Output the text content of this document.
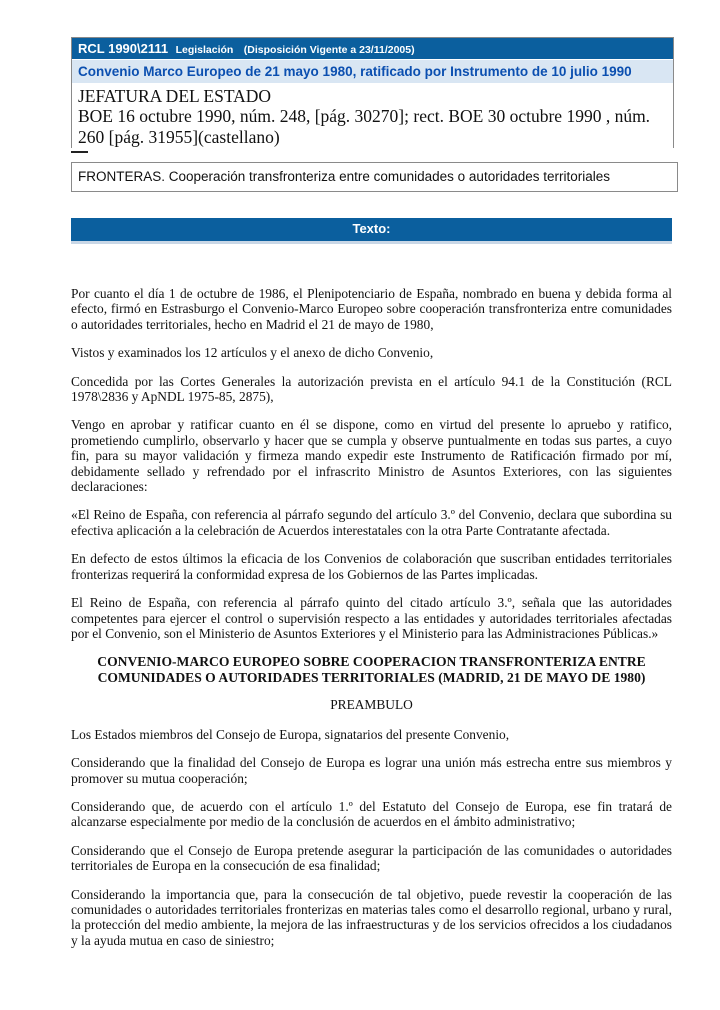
RCL 1990\2111 Legislación (Disposición Vigente a 23/11/2005)
Convenio Marco Europeo de 21 mayo 1980, ratificado por Instrumento de 10 julio 1990
JEFATURA DEL ESTADO
BOE 16 octubre 1990, núm. 248, [pág. 30270]; rect. BOE 30 octubre 1990 , núm.
260 [pág. 31955](castellano)
FRONTERAS. Cooperación transfronteriza entre comunidades o autoridades territoriales
Texto:

Por cuanto el día 1 de octubre de 1986, el Plenipotenciario de España, nombrado en buena y debida forma al efecto, firmó en Estrasburgo el Convenio-Marco Europeo sobre cooperación transfronteriza entre comunidades o autoridades territoriales, hecho en Madrid el 21 de mayo de 1980,

Vistos y examinados los 12 artículos y el anexo de dicho Convenio,

Concedida por las Cortes Generales la autorización prevista en el artículo 94.1 de la Constitución (RCL 1978\2836 y ApNDL 1975-85, 2875),

Vengo en aprobar y ratificar cuanto en él se dispone, como en virtud del presente lo apruebo y ratifico, prometiendo cumplirlo, observarlo y hacer que se cumpla y observe puntualmente en todas sus partes, a cuyo fin, para su mayor validación y firmeza mando expedir este Instrumento de Ratificación firmado por mí, debidamente sellado y refrendado por el infrascrito Ministro de Asuntos Exteriores, con las siguientes declaraciones:

«El Reino de España, con referencia al párrafo segundo del artículo 3.º del Convenio, declara que subordina su efectiva aplicación a la celebración de Acuerdos interestatales con la otra Parte Contratante afectada.

En defecto de estos últimos la eficacia de los Convenios de colaboración que suscriban entidades territoriales fronterizas requerirá la conformidad expresa de los Gobiernos de las Partes implicadas.

El Reino de España, con referencia al párrafo quinto del citado artículo 3.º, señala que las autoridades competentes para ejercer el control o supervisión respecto a las entidades y autoridades territoriales afectadas por el Convenio, son el Ministerio de Asuntos Exteriores y el Ministerio para las Administraciones Públicas.»

CONVENIO-MARCO EUROPEO SOBRE COOPERACION TRANSFRONTERIZA ENTRE COMUNIDADES O AUTORIDADES TERRITORIALES (MADRID, 21 DE MAYO DE 1980)
PREAMBULO

Los Estados miembros del Consejo de Europa, signatarios del presente Convenio,

Considerando que la finalidad del Consejo de Europa es lograr una unión más estrecha entre sus miembros y promover su mutua cooperación;

Considerando que, de acuerdo con el artículo 1.º del Estatuto del Consejo de Europa, ese fin tratará de alcanzarse especialmente por medio de la conclusión de acuerdos en el ámbito administrativo;

Considerando que el Consejo de Europa pretende asegurar la participación de las comunidades o autoridades territoriales de Europa en la consecución de esa finalidad;

Considerando la importancia que, para la consecución de tal objetivo, puede revestir la cooperación de las comunidades o autoridades territoriales fronterizas en materias tales como el desarrollo regional, urbano y rural, la protección del medio ambiente, la mejora de las infraestructuras y de los servicios ofrecidos a los ciudadanos y la ayuda mutua en caso de siniestro;
